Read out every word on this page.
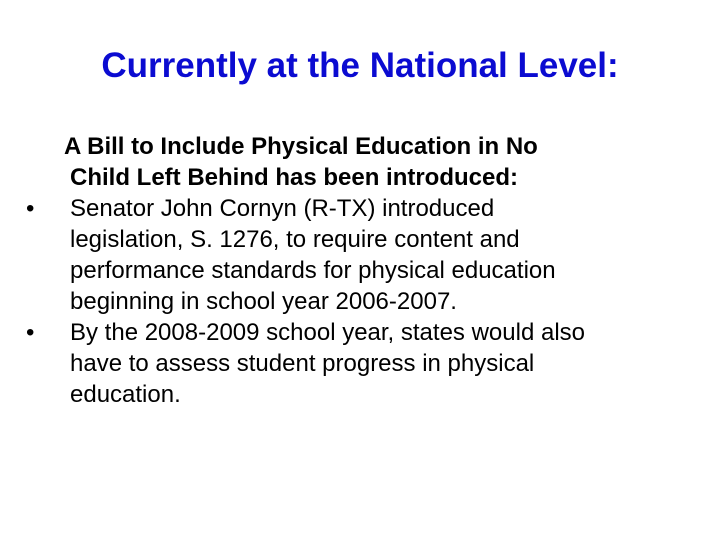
Currently at the National Level:
A Bill to Include Physical Education in No
Child Left Behind has been introduced:
• Senator John Cornyn (R-TX) introduced
legislation, S. 1276, to require content and
performance standards for physical education
beginning in school year 2006-2007.
• By the 2008-2009 school year, states would also
have to assess student progress in physical
education.
